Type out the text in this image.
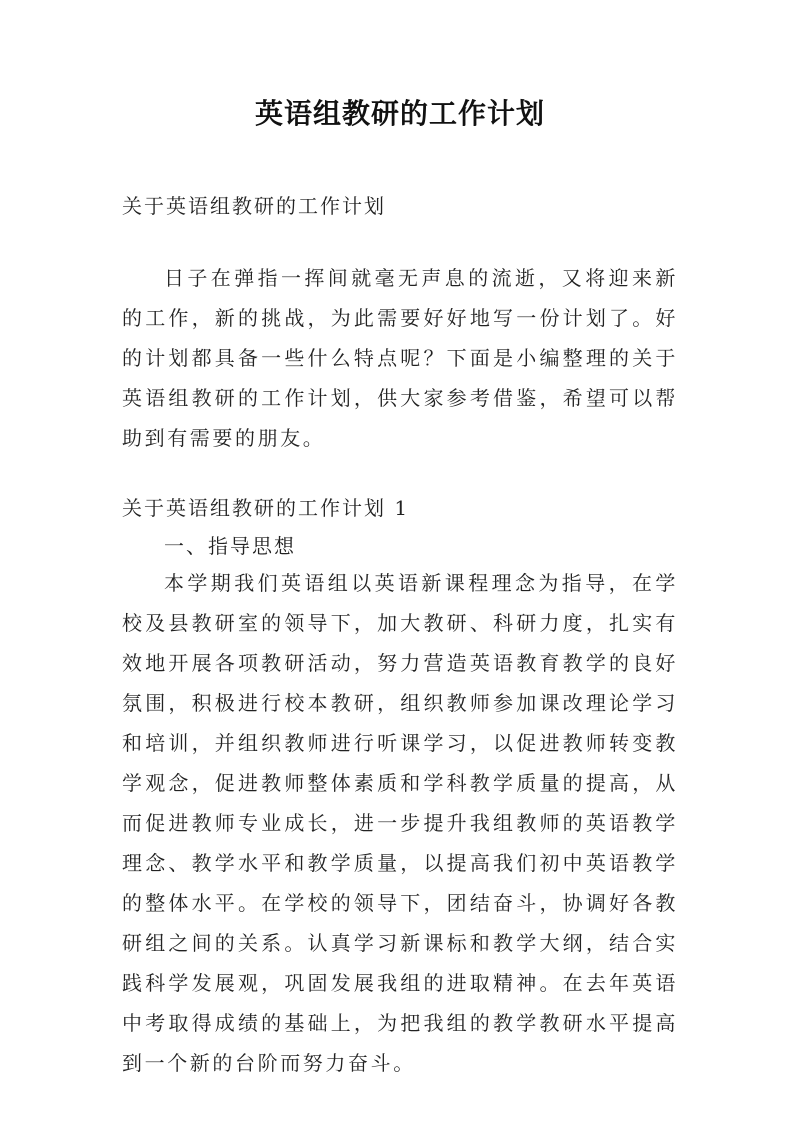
英语组教研的工作计划
关于英语组教研的工作计划

日子在弹指一挥间就毫无声息的流逝，又将迎来新的工作，新的挑战，为此需要好好地写一份计划了。好的计划都具备一些什么特点呢？下面是小编整理的关于英语组教研的工作计划，供大家参考借鉴，希望可以帮助到有需要的朋友。

关于英语组教研的工作计划 1
一、指导思想

本学期我们英语组以英语新课程理念为指导，在学校及县教研室的领导下，加大教研、科研力度，扎实有效地开展各项教研活动，努力营造英语教育教学的良好氛围，积极进行校本教研，组织教师参加课改理论学习和培训，并组织教师进行听课学习，以促进教师转变教学观念，促进教师整体素质和学科教学质量的提高，从而促进教师专业成长，进一步提升我组教师的英语教学理念、教学水平和教学质量，以提高我们初中英语教学的整体水平。在学校的领导下，团结奋斗，协调好各教研组之间的关系。认真学习新课标和教学大纲，结合实践科学发展观，巩固发展我组的进取精神。在去年英语中考取得成绩的基础上，为把我组的教学教研水平提高到一个新的台阶而努力奋斗。
